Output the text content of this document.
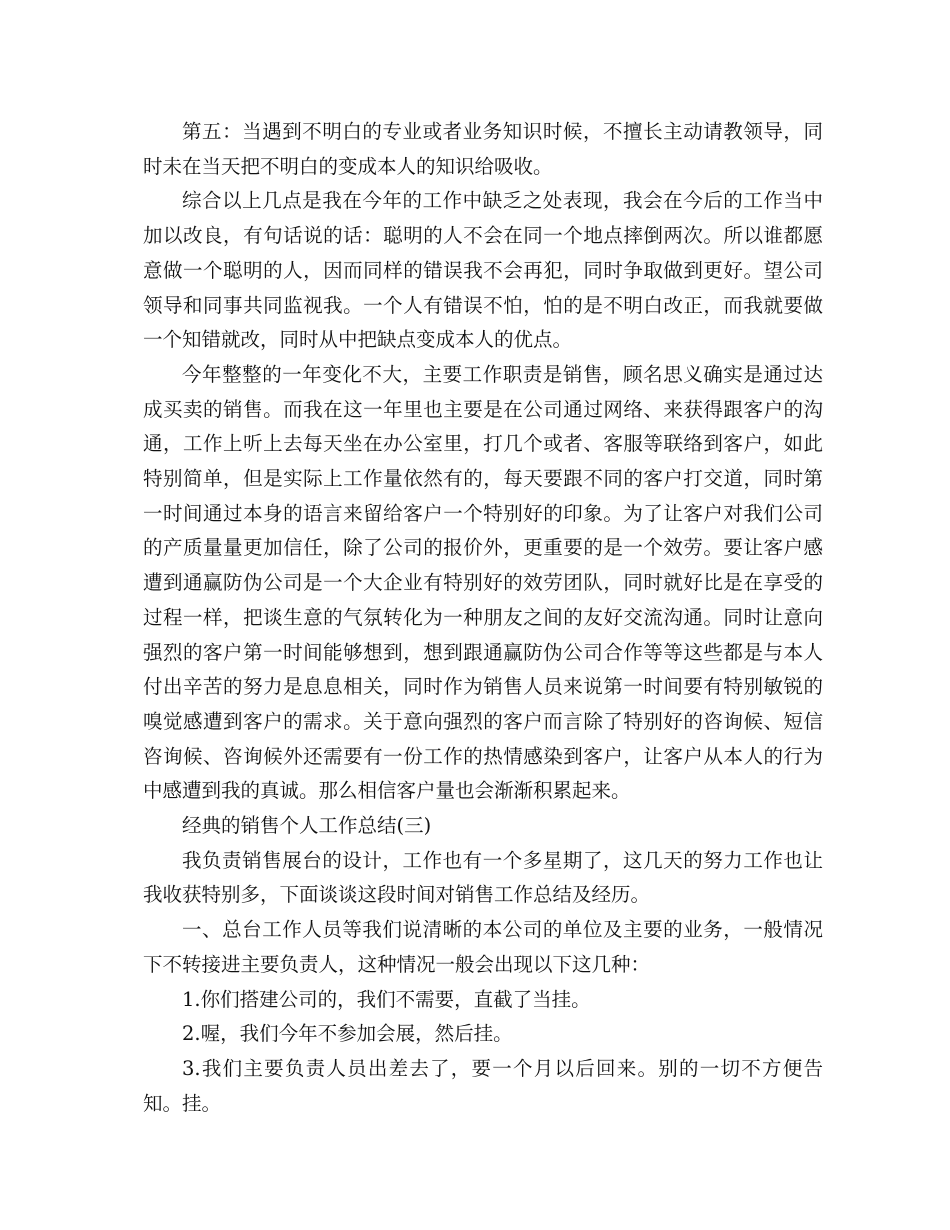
第五：当遇到不明白的专业或者业务知识时候，不擅长主动请教领导，同时未在当天把不明白的变成本人的知识给吸收。

综合以上几点是我在今年的工作中缺乏之处表现，我会在今后的工作当中加以改良，有句话说的话：聪明的人不会在同一个地点摔倒两次。所以谁都愿意做一个聪明的人，因而同样的错误我不会再犯，同时争取做到更好。望公司领导和同事共同监视我。一个人有错误不怕，怕的是不明白改正，而我就要做一个知错就改，同时从中把缺点变成本人的优点。

今年整整的一年变化不大，主要工作职责是销售，顾名思义确实是通过达成买卖的销售。而我在这一年里也主要是在公司通过网络、来获得跟客户的沟通，工作上听上去每天坐在办公室里，打几个或者、客服等联络到客户，如此特别简单，但是实际上工作量依然有的，每天要跟不同的客户打交道，同时第一时间通过本身的语言来留给客户一个特别好的印象。为了让客户对我们公司的产质量量更加信任，除了公司的报价外，更重要的是一个效劳。要让客户感遭到通赢防伪公司是一个大企业有特别好的效劳团队，同时就好比是在享受的过程一样，把谈生意的气氛转化为一种朋友之间的友好交流沟通。同时让意向强烈的客户第一时间能够想到，想到跟通赢防伪公司合作等等这些都是与本人付出辛苦的努力是息息相关，同时作为销售人员来说第一时间要有特别敏锐的嗅觉感遭到客户的需求。关于意向强烈的客户而言除了特别好的咨询候、短信咨询候、咨询候外还需要有一份工作的热情感染到客户，让客户从本人的行为中感遭到我的真诚。那么相信客户量也会渐渐积累起来。

经典的销售个人工作总结(三)

我负责销售展台的设计，工作也有一个多星期了，这几天的努力工作也让我收获特别多，下面谈谈这段时间对销售工作总结及经历。

一、总台工作人员等我们说清晰的本公司的单位及主要的业务，一般情况下不转接进主要负责人，这种情况一般会出现以下这几种：

1.你们搭建公司的，我们不需要，直截了当挂。

2.喔，我们今年不参加会展，然后挂。

3.我们主要负责人员出差去了，要一个月以后回来。别的一切不方便告知。挂。
